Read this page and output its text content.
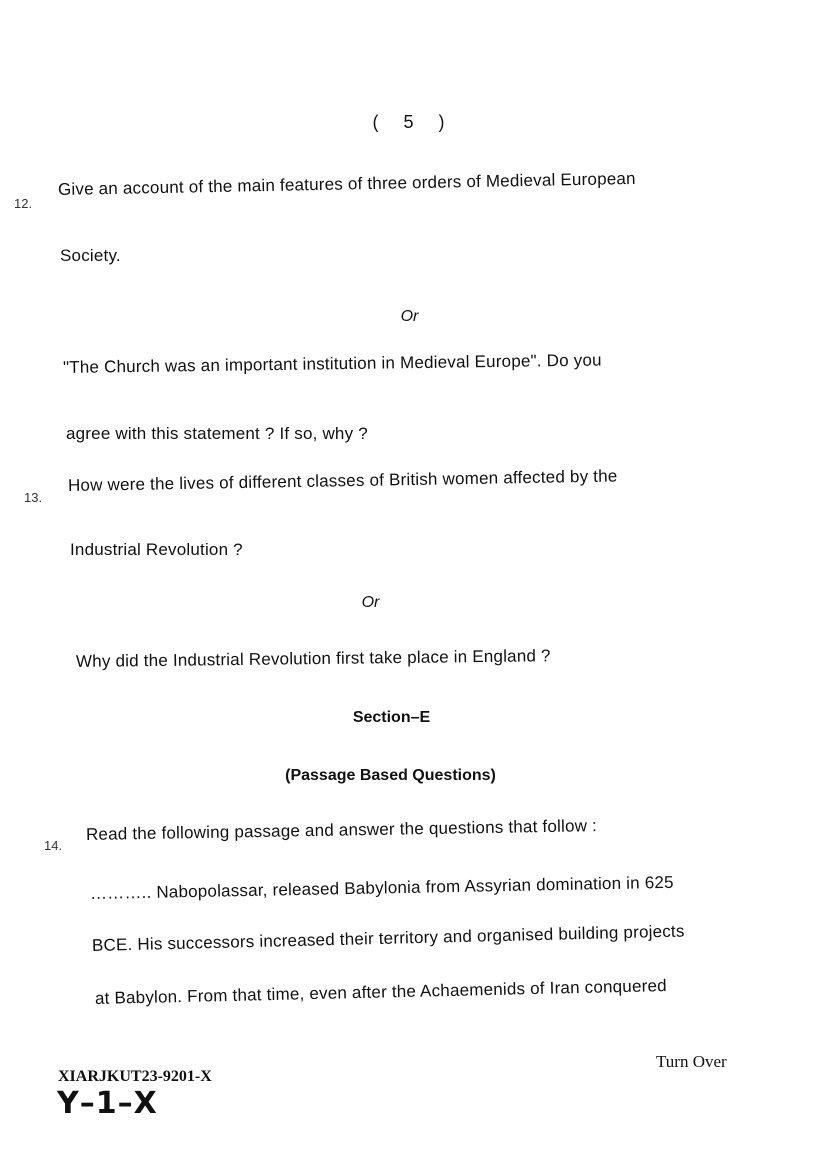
( 5 )
12.
Give an account of the main features of three orders of Medieval European
Society.
Or
"The Church was an important institution in Medieval Europe". Do you
agree with this statement ? If so, why ?
13.
How were the lives of different classes of British women affected by the
Industrial Revolution ?
Or
Why did the Industrial Revolution first take place in England ?
Section–E
(Passage Based Questions)
14.
Read the following passage and answer the questions that follow :
……….. Nabopolassar, released Babylonia from Assyrian domination in 625
BCE. His successors increased their territory and organised building projects
at Babylon. From that time, even after the Achaemenids of Iran conquered
XIARJKUT23-9201-X
Y–1–X
Turn Over
